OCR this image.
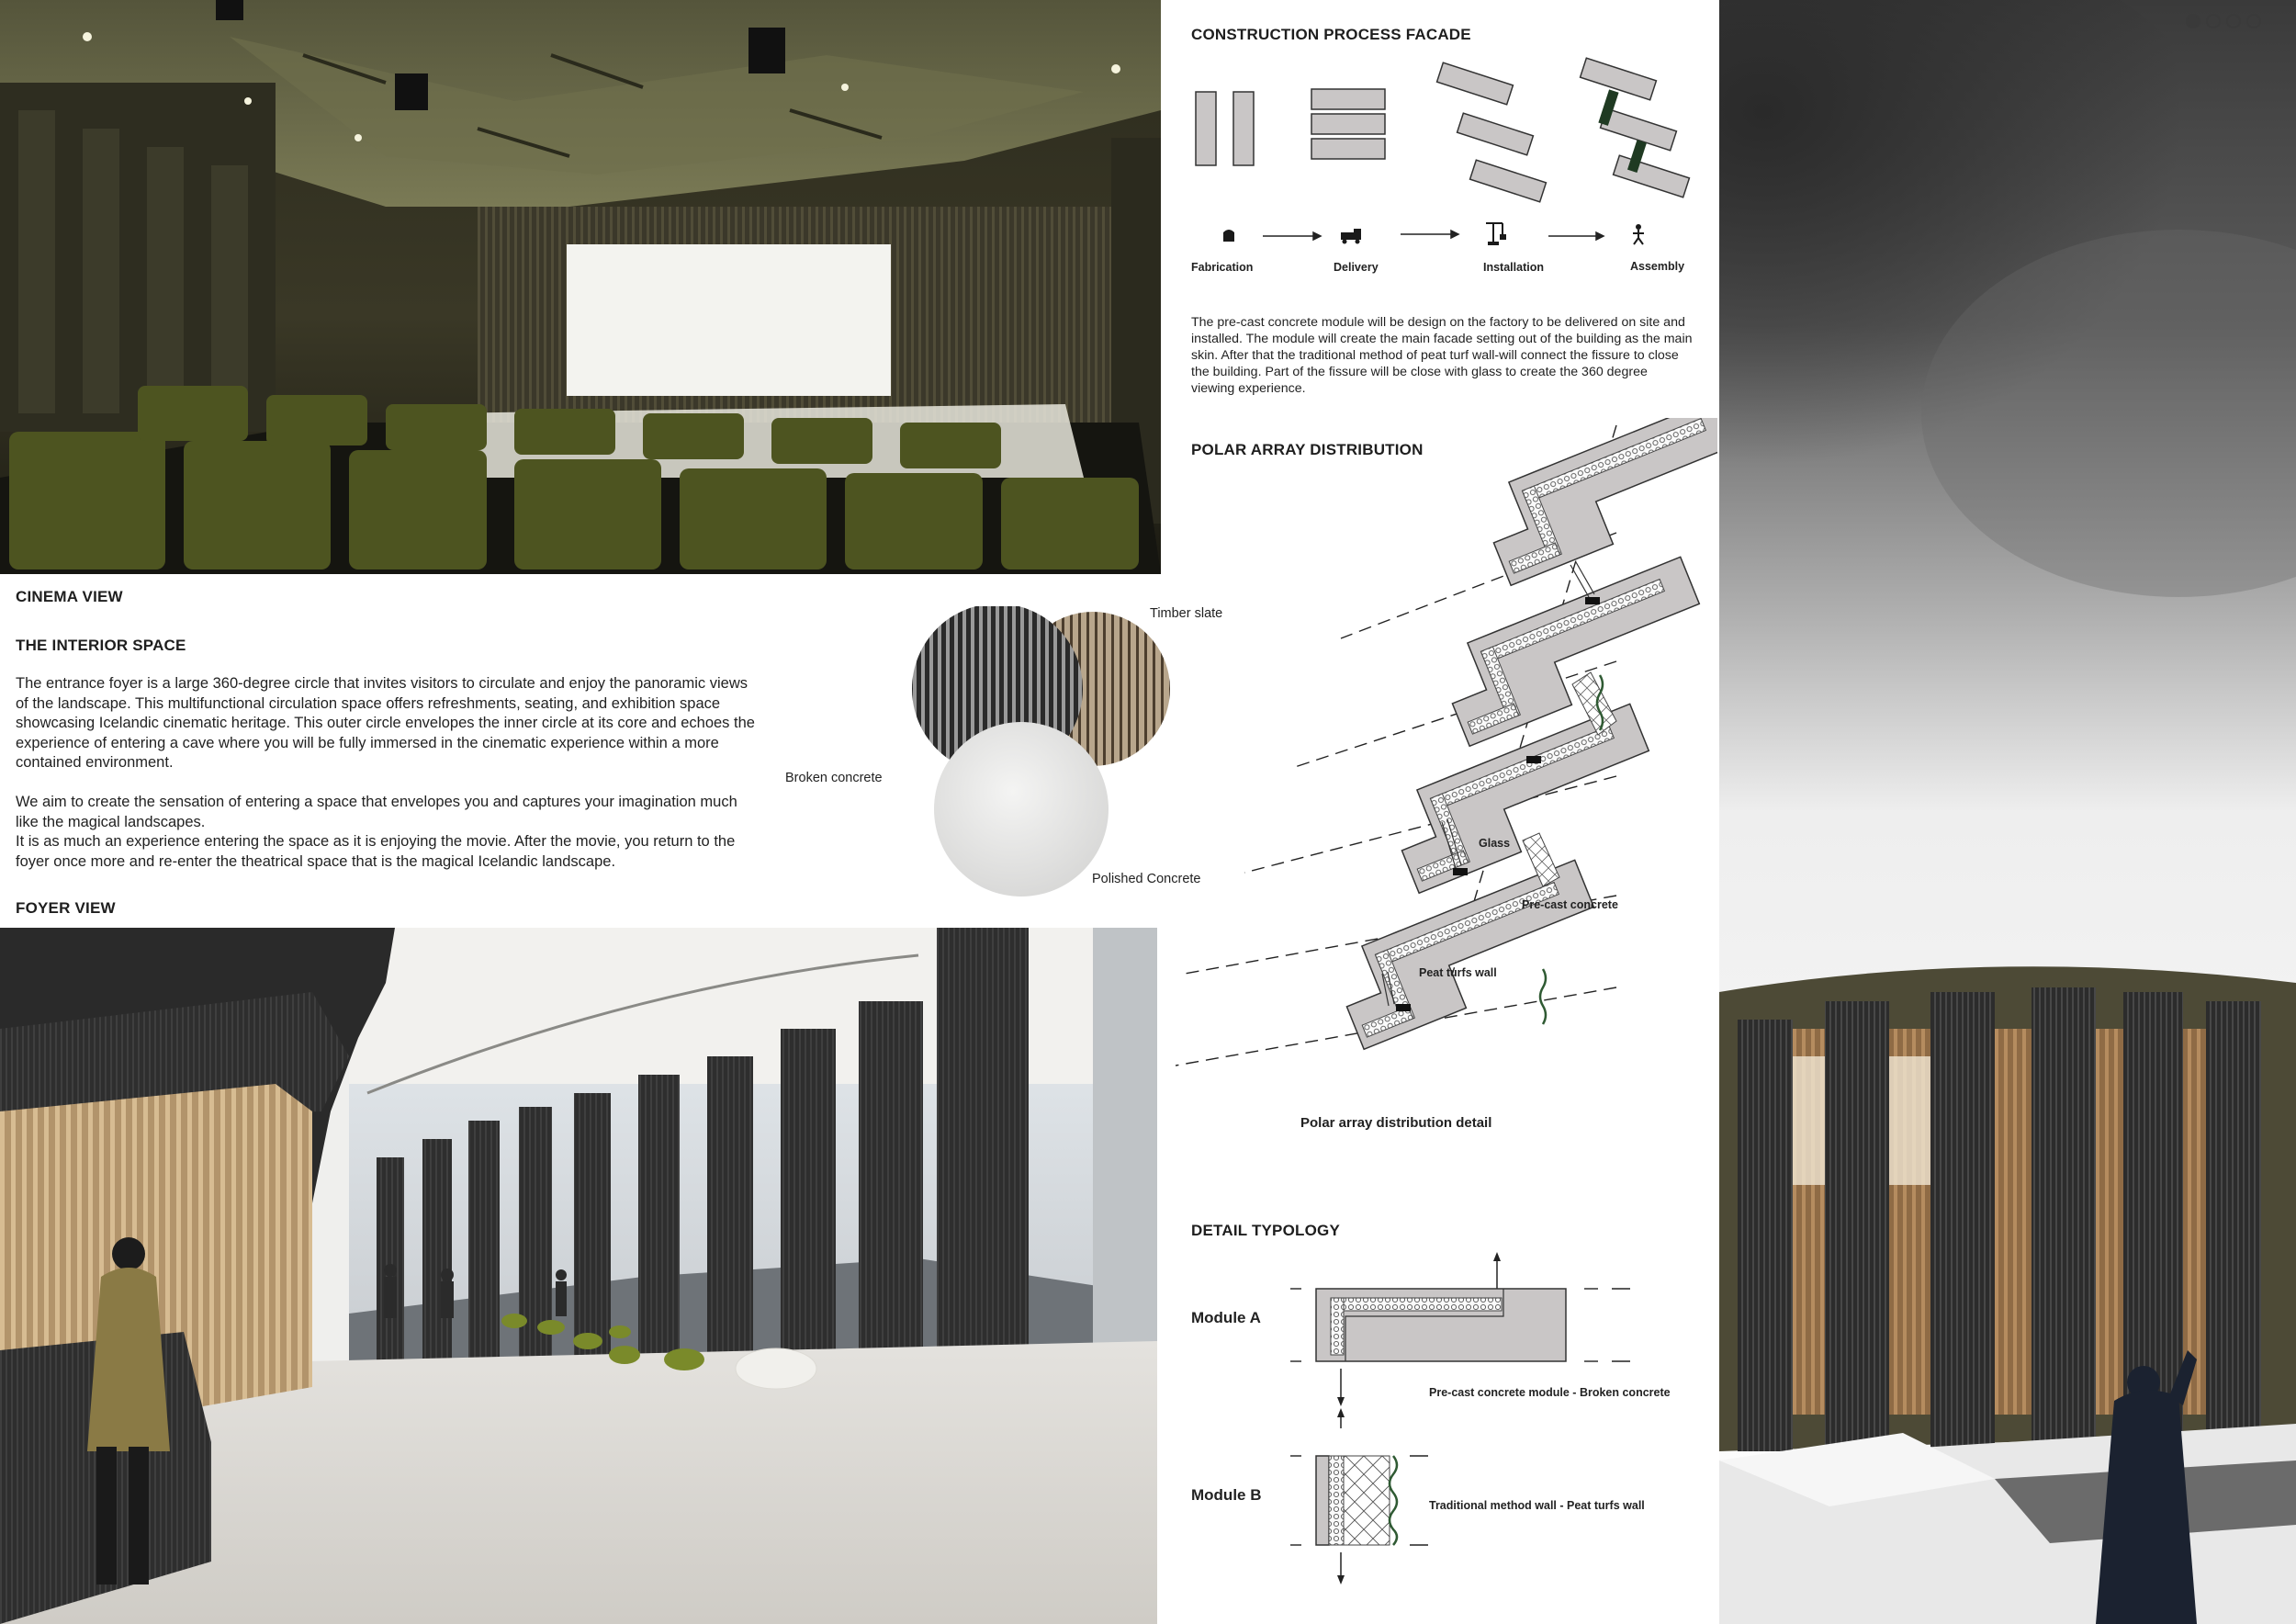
CINEMA VIEW
THE INTERIOR SPACE
The entrance foyer is a large 360-degree circle that invites visitors to circulate and enjoy the panoramic views of the landscape. This multifunctional circulation space offers refreshments, seating, and exhibition space showcasing Icelandic cinematic heritage. This outer circle envelopes the inner circle at its core and echoes the experience of entering a cave where you will be fully immersed in the cinematic experience within a more contained environment.
We aim to create the sensation of entering a space that envelopes you and captures your imagination much like the magical landscapes.
It is as much an experience entering the space as it is enjoying the movie. After the movie, you return to the foyer once more and re-enter the theatrical space that is the magical Icelandic landscape.
FOYER VIEW
Timber slate
Broken concrete
Polished Concrete
CONSTRUCTION PROCESS FACADE
Fabrication	Delivery	Installation	Assembly
The pre-cast concrete module will be design on the factory to be delivered on site and installed. The module will create the main facade setting out of the building as the main skin. After that the traditional method of peat turf wall-will connect the fissure to close the building. Part of the fissure will be close with glass to create the 360 degree viewing experience.
POLAR ARRAY DISTRIBUTION
Glass
Pre-cast concrete
Peat turfs wall
Polar array distribution detail
DETAIL TYPOLOGY
Module A
Pre-cast concrete module - Broken concrete
Module B
Traditional method wall - Peat turfs wall
